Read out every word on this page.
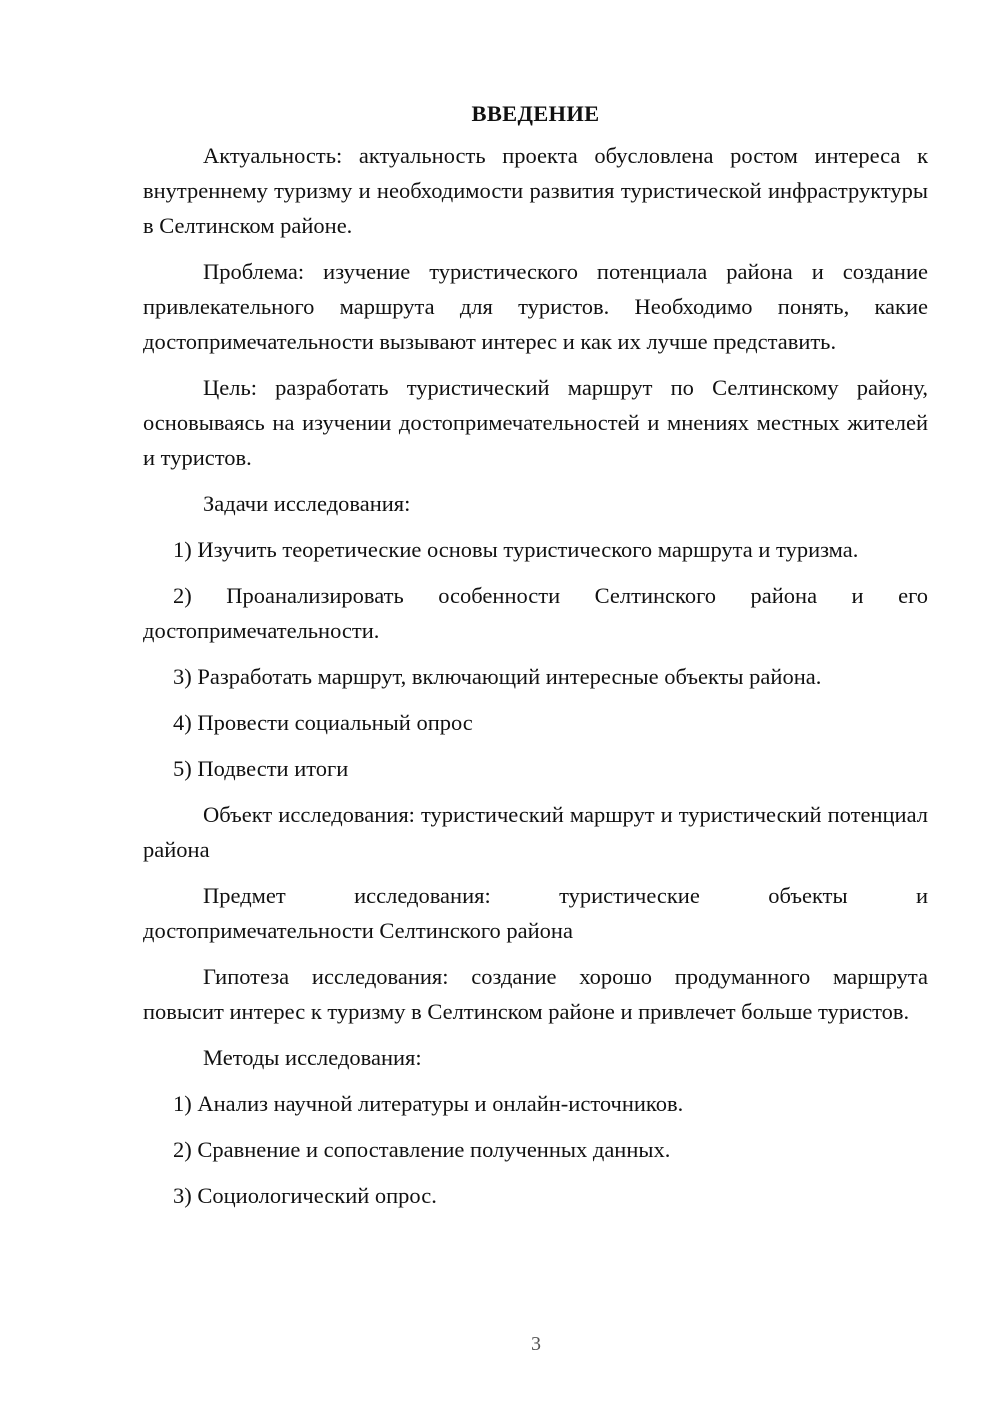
ВВЕДЕНИЕ

Актуальность: актуальность проекта обусловлена ростом интереса к внутреннему туризму и необходимости развития туристической инфраструктуры в Селтинском районе.

Проблема: изучение туристического потенциала района и создание привлекательного маршрута для туристов. Необходимо понять, какие достопримечательности вызывают интерес и как их лучше представить.

Цель: разработать туристический маршрут по Селтинскому району, основываясь на изучении достопримечательностей и мнениях местных жителей и туристов.

Задачи исследования:

1) Изучить теоретические основы туристического маршрута и туризма.

2) Проанализировать особенности Селтинского района и его достопримечательности.

3) Разработать маршрут, включающий интересные объекты района.

4) Провести социальный опрос

5) Подвести итоги

Объект исследования: туристический маршрут и туристический потенциал района

Предмет исследования: туристические объекты и
достопримечательности Селтинского района

Гипотеза исследования: создание хорошо продуманного маршрута повысит интерес к туризму в Селтинском районе и привлечет больше туристов.

Методы исследования:

1) Анализ научной литературы и онлайн-источников.

2) Сравнение и сопоставление полученных данных.

3) Социологический опрос.

3
